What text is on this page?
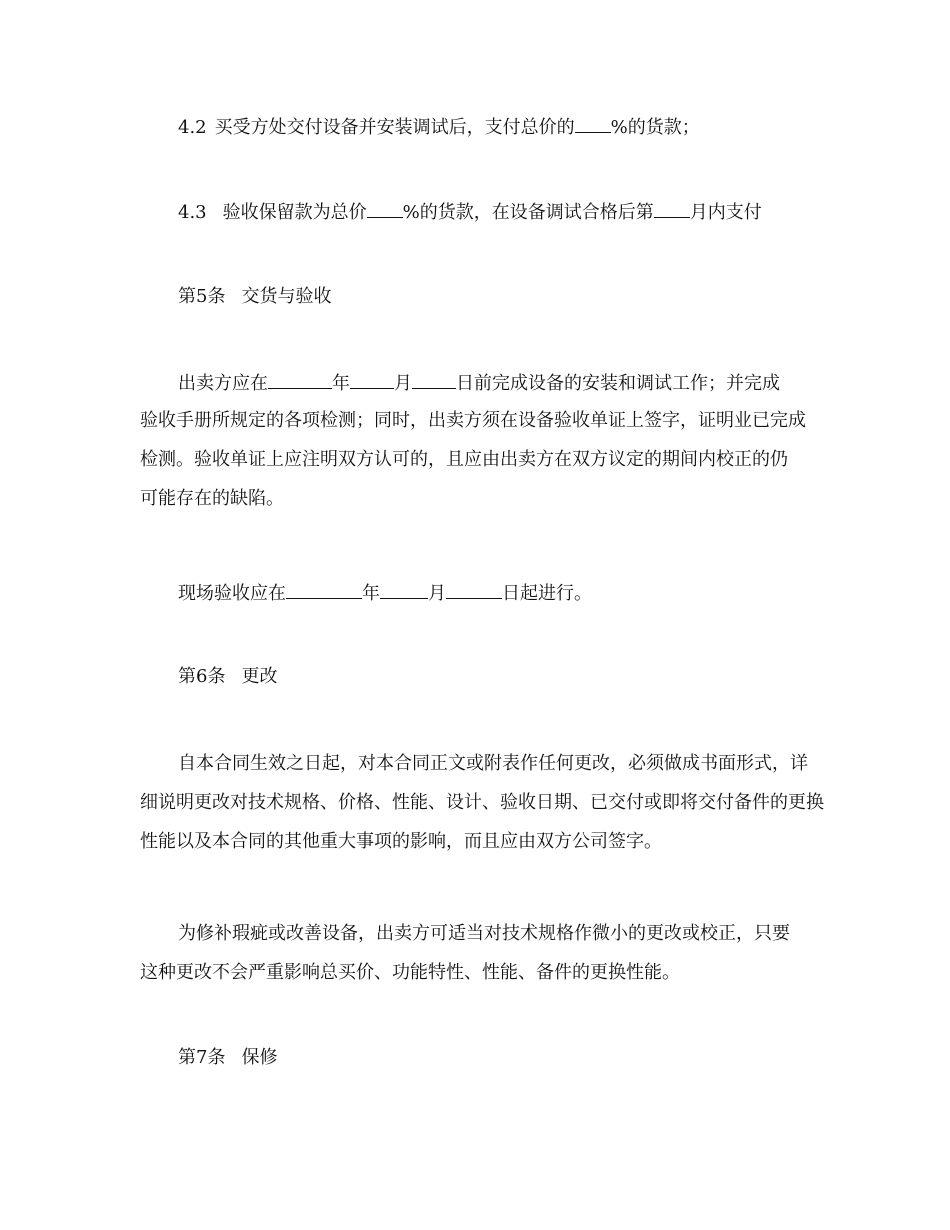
4.2 买受方处交付设备并安装调试后，支付总价的 %的货款；
4.3 验收保留款为总价 %的货款，在设备调试合格后第 月内支付
第5条 交货与验收
出卖方应在	年 月 日前完成设备的安装和调试工作；并完成
验收手册所规定的各项检测；同时，出卖方须在设备验收单证上签字，证明业已完成
检测。验收单证上应注明双方认可的，且应由出卖方在双方议定的期间内校正的仍
可能存在的缺陷。
现场验收应在	年	月	日起进行。
第6条 更改
自本合同生效之日起，对本合同正文或附表作任何更改，必须做成书面形式，详
细说明更改对技术规格、价格、性能、设计、验收日期、已交付或即将交付备件的更换
性能以及本合同的其他重大事项的影响，而且应由双方公司签字。
为修补瑕疵或改善设备，出卖方可适当对技术规格作微小的更改或校正，只要
这种更改不会严重影响总买价、功能特性、性能、备件的更换性能。
第7条 保修
